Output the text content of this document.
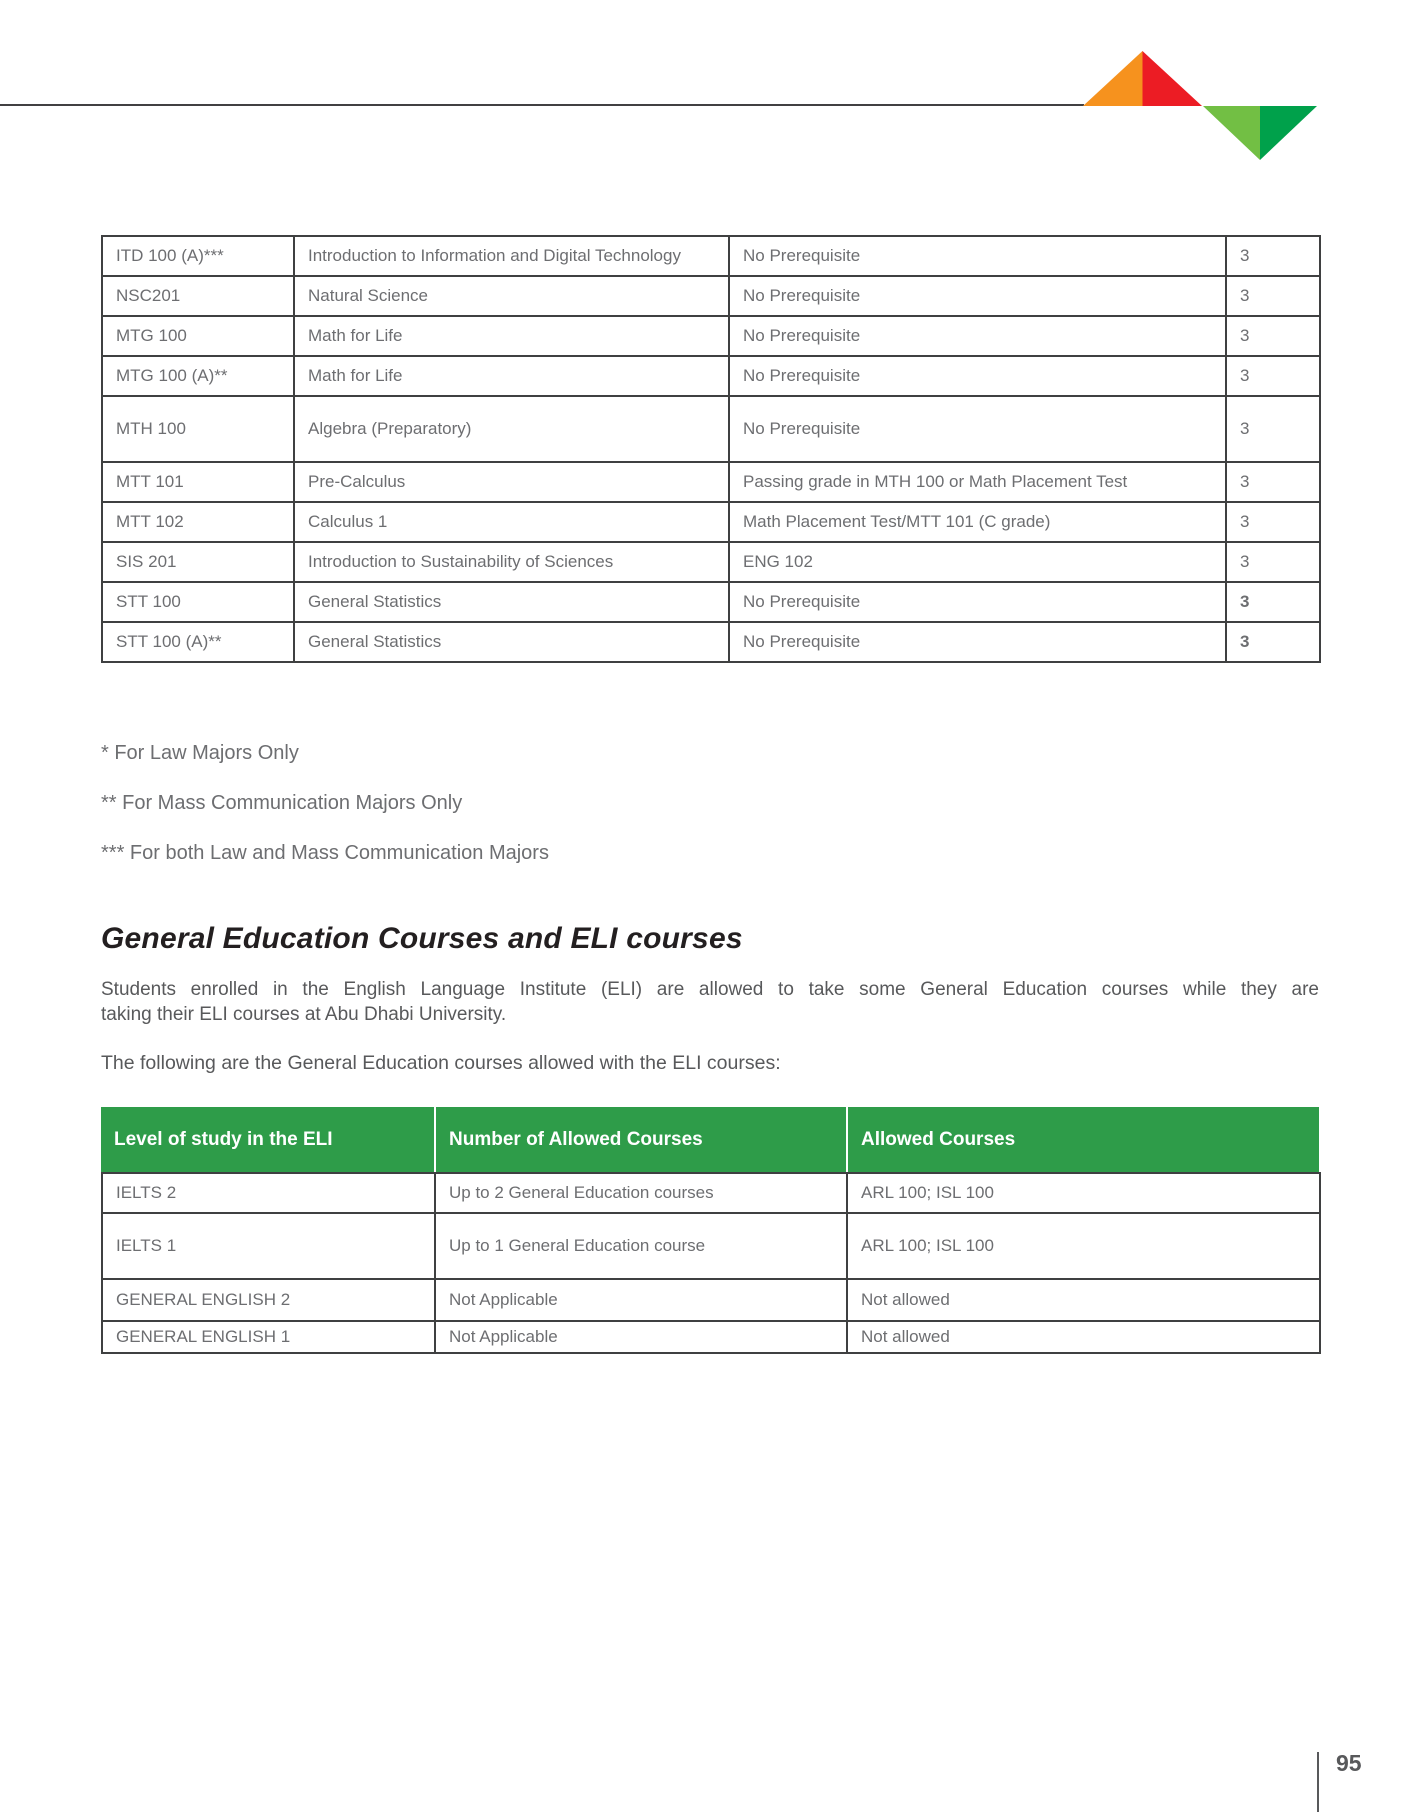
ITD 100 (A)***	Introduction to Information and Digital Technology	No Prerequisite	3
NSC201	Natural Science	No Prerequisite	3
MTG 100	Math for Life	No Prerequisite	3
MTG 100 (A)**	Math for Life	No Prerequisite	3
MTH 100	Algebra (Preparatory)	No Prerequisite	3
MTT 101	Pre-Calculus	Passing grade in MTH 100 or Math Placement Test	3
MTT 102	Calculus 1	Math Placement Test/MTT 101 (C grade)	3
SIS 201	Introduction to Sustainability of Sciences	ENG 102	3
STT 100	General Statistics	No Prerequisite	3
STT 100 (A)**	General Statistics	No Prerequisite	3
* For Law Majors Only
** For Mass Communication Majors Only
*** For both Law and Mass Communication Majors
General Education Courses and ELI courses
Students enrolled in the English Language Institute (ELI) are allowed to take some General Education courses while they are
taking their ELI courses at Abu Dhabi University.
The following are the General Education courses allowed with the ELI courses:
Level of study in the ELI	Number of Allowed Courses	Allowed Courses
IELTS 2	Up to 2 General Education courses	ARL 100; ISL 100
IELTS 1	Up to 1 General Education course	ARL 100; ISL 100
GENERAL ENGLISH 2	Not Applicable	Not allowed
GENERAL ENGLISH 1	Not Applicable	Not allowed
95
